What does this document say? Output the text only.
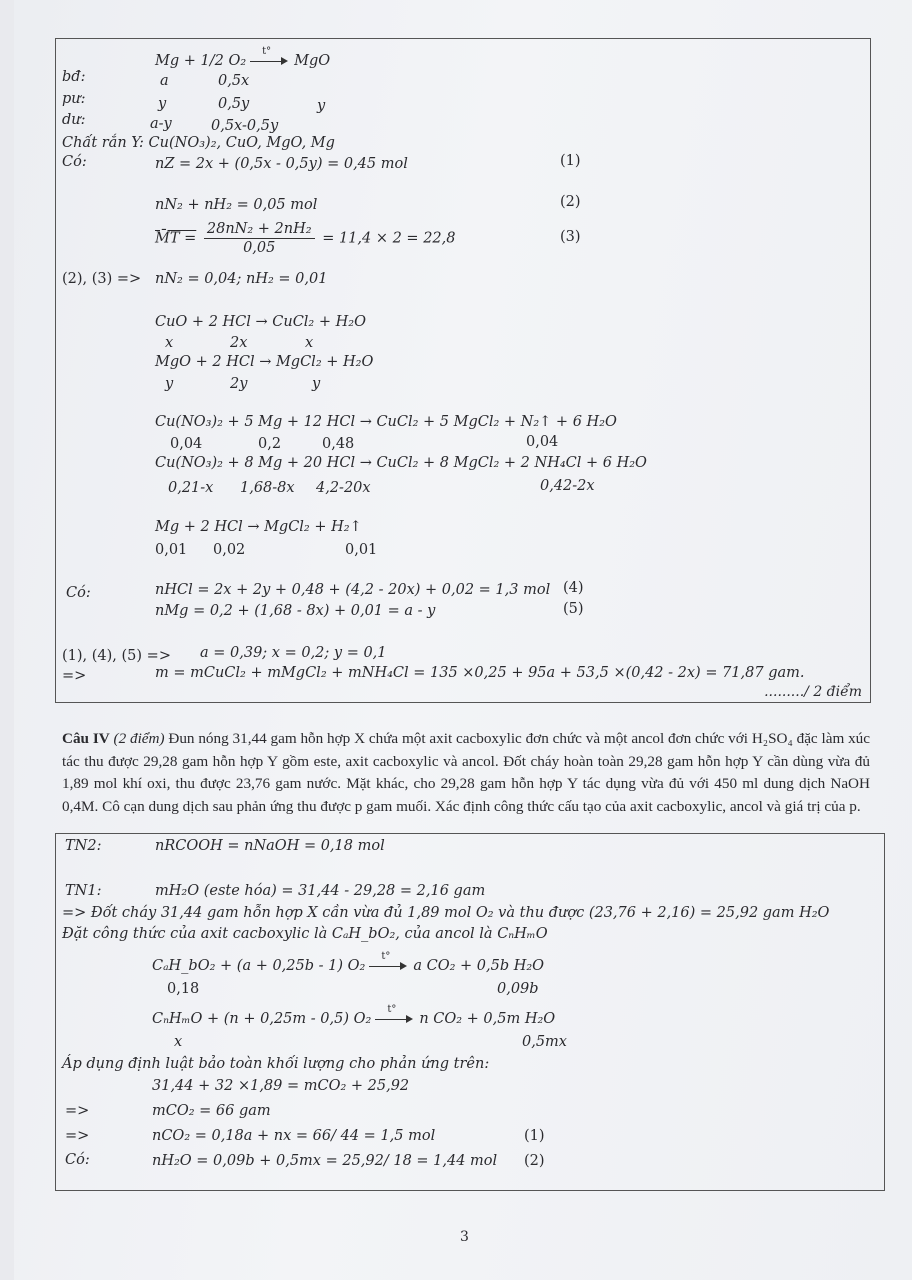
Mg + 1/2 O₂
t°
MgO
bđ:	a	0,5x
pư:	y	0,5y	y
dư:	a-y	0,5x-0,5y
Chất rắn Y: Cu(NO₃)₂, CuO, MgO, Mg
Có:	nZ = 2x + (0,5x - 0,5y) = 0,45 mol	(1)
nN₂ + nH₂ = 0,05 mol	(2)
M̄T = $\frac{\text{28nN₂ + 2nH₂}}{0,05} = 11,4 \times 2 = 22,8$	(3)
(2), (3) => nN₂ = 0,04; nH₂ = 0,01
CuO + 2 HCl → CuCl₂ + H₂O
x	2x	x
MgO + 2 HCl → MgCl₂ + H₂O
y	2y	y
Cu(NO₃)₂ + 5 Mg + 12 HCl → CuCl₂ + 5 MgCl₂ + N₂↑ + 6 H₂O
0,04	0,2	0,48	0,04
Cu(NO₃)₂ + 8 Mg + 20 HCl → CuCl₂ + 8 MgCl₂ + 2 NH₄Cl + 6 H₂O
0,21-x 1,68-8x 4,2-20x	0,42-2x
Mg + 2 HCl → MgCl₂ + H₂↑
0,01 0,02	0,01
Có:	nHCl = 2x + 2y + 0,48 + (4,2 - 20x) + 0,02 = 1,3 mol (4)
nMg = 0,2 + (1,68 - 8x) + 0,01 = a - y	(5)
(1), (4), (5) => a = 0,39; x = 0,2; y = 0,1
=>	m = mCuCl₂ + mMgCl₂ + mNH₄Cl = 135 ×0,25 + 95a + 53,5 ×(0,42 - 2x) = 71,87 gam.
........./ 2 điểm
Câu IV (2 điểm) Đun nóng 31,44 gam hỗn hợp X chứa một axit cacboxylic đơn chức và một ancol đơn chức với H₂SO₄ đặc làm xúc tác thu được 29,28 gam hỗn hợp Y gồm este, axit cacboxylic và ancol. Đốt cháy hoàn toàn 29,28 gam hỗn hợp Y cần dùng vừa đủ 1,89 mol khí oxi, thu được 23,76 gam nước. Mặt khác, cho 29,28 gam hỗn hợp Y tác dụng vừa đủ với 450 ml dung dịch NaOH 0,4M. Cô cạn dung dịch sau phản ứng thu được p gam muối. Xác định công thức cấu tạo của axit cacboxylic, ancol và giá trị của p.
TN2:	nRCOOH = nNaOH = 0,18 mol
TN1:	mH₂O (este hóa) = 31,44 - 29,28 = 2,16 gam
=> Đốt cháy 31,44 gam hỗn hợp X cần vừa đủ 1,89 mol O₂ và thu được (23,76 + 2,16) = 25,92 gam H₂O
Đặt công thức của axit cacboxylic là CₐH_bO₂, của ancol là CₙHₘO
CₐH_bO₂ + (a + 0,25b - 1) O₂
t°
a CO₂ + 0,5b H₂O
0,18	0,09b
CₙHₘO + (n + 0,25m - 0,5) O₂
t°
n CO₂ + 0,5m H₂O
x	0,5mx
Áp dụng định luật bảo toàn khối lượng cho phản ứng trên:
31,44 + 32 ×1,89 = mCO₂ + 25,92
=>	mCO₂ = 66 gam
=>	nCO₂ = 0,18a + nx = 66/ 44 = 1,5 mol	(1)
Có:	nH₂O = 0,09b + 0,5mx = 25,92/ 18 = 1,44 mol (2)
3
